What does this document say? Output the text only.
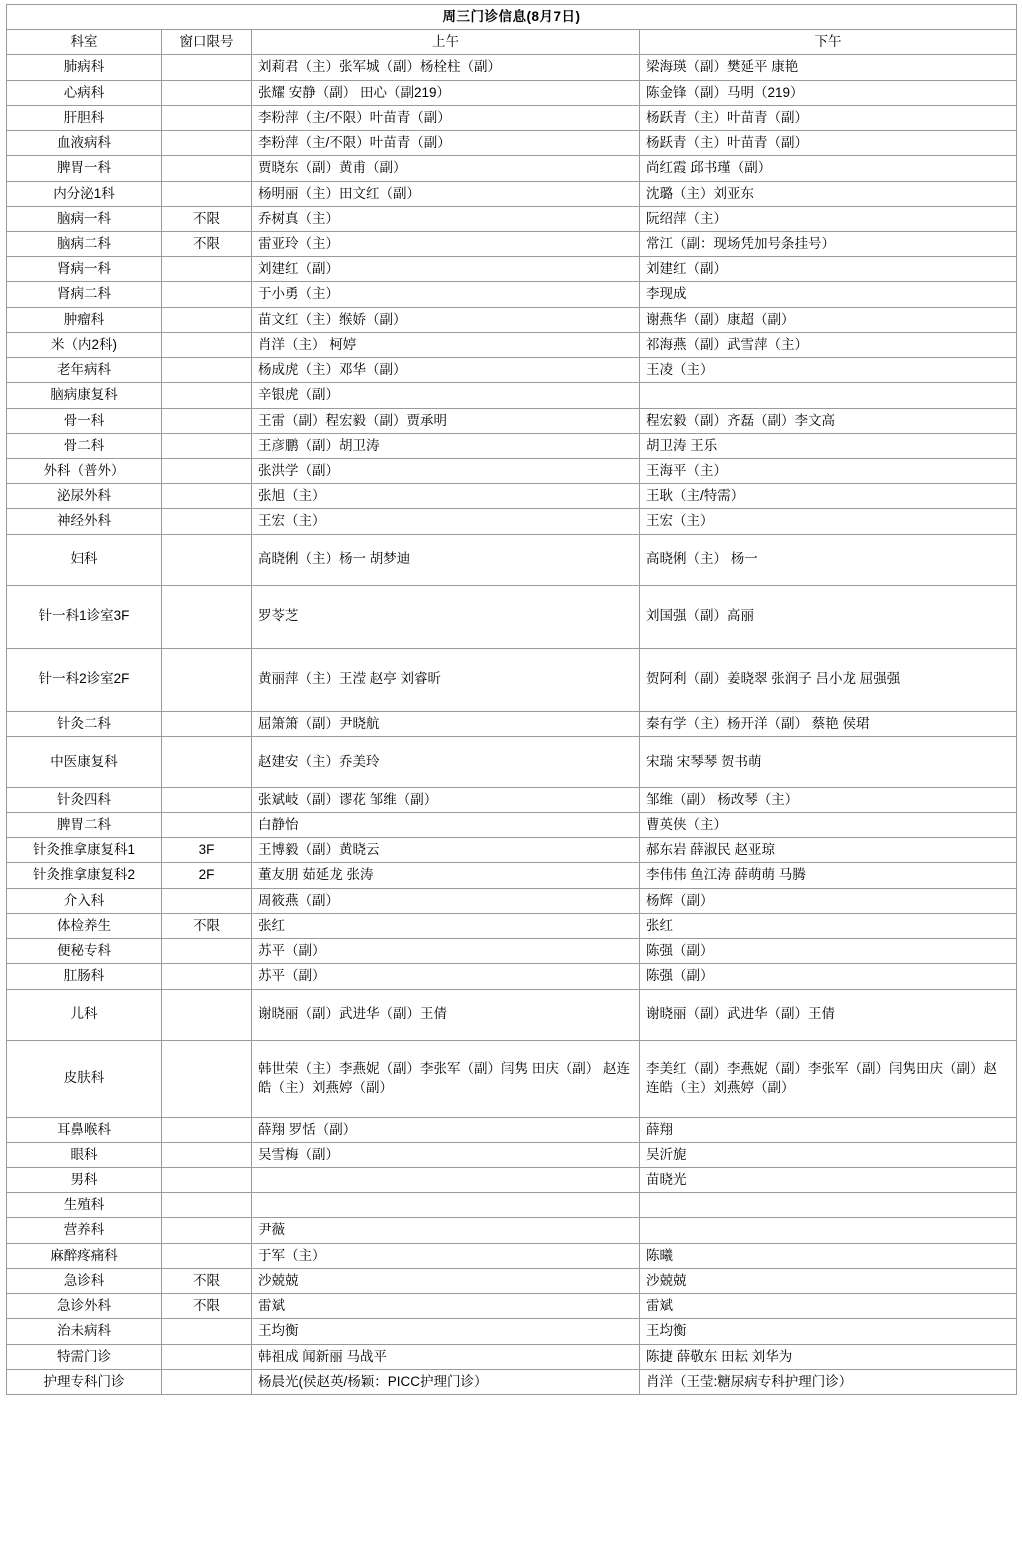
周三门诊信息(8月7日)			
科室	窗口限号	上午	下午
肺病科		刘莉君（主）张军城（副）杨栓柱（副）	梁海瑛（副）樊延平 康艳
心病科		张耀 安静（副） 田心（副219）	陈金锋（副）马明（219）
肝胆科		李粉萍（主/不限）叶苗青（副）	杨跃青（主）叶苗青（副）
血液病科		李粉萍（主/不限）叶苗青（副）	杨跃青（主）叶苗青（副）
脾胃一科		贾晓东（副）黄甫（副）	尚红霞 邱书瑾（副）
内分泌1科		杨明丽（主）田文红（副）	沈璐（主）刘亚东
脑病一科	不限	乔树真（主）	阮绍萍（主）
脑病二科	不限	雷亚玲（主）	常江（副：现场凭加号条挂号）
肾病一科		刘建红（副）	刘建红（副）
肾病二科		于小勇（主）	李现成
肿瘤科		苗文红（主）缑娇（副）	谢燕华（副）康超（副）
米（内2科)		肖洋（主） 柯婷	祁海燕（副）武雪萍（主）
老年病科		杨成虎（主）邓华（副）	王凌（主）
脑病康复科		辛银虎（副）	
骨一科		王雷（副）程宏毅（副）贾承明	程宏毅（副）齐磊（副）李文高
骨二科		王彦鹏（副）胡卫涛	胡卫涛 王乐
外科（普外）		张洪学（副）	王海平（主）
泌尿外科		张旭（主）	王耿（主/特需）
神经外科		王宏（主）	王宏（主）
妇科		高晓俐（主）杨一 胡梦迪	高晓俐（主） 杨一
针一科1诊室3F		罗苓芝	刘国强（副）高丽
针一科2诊室2F		黄丽萍（主）王滢 赵亭 刘睿昕	贺阿利（副）姜晓翠 张润子 吕小龙 屈强强
针灸二科		屈箫箫（副）尹晓航	秦有学（主）杨开洋（副） 蔡艳 侯珺
中医康复科		赵建安（主）乔美玲	宋瑞 宋琴琴 贺书萌
针灸四科		张斌岐（副）谬花 邹维（副）	邹维（副） 杨改琴（主）
脾胃二科		白静怡	曹英侠（主）
针灸推拿康复科1	3F	王博毅（副）黄晓云	郝东岩 薛淑民 赵亚琼
针灸推拿康复科2	2F	董友朋 茹延龙 张涛	李伟伟 鱼江涛 薛萌萌 马腾
介入科		周筱燕（副）	杨辉（副）
体检养生	不限	张红	张红
便秘专科		苏平（副）	陈强（副）
肛肠科		苏平（副）	陈强（副）
儿科		谢晓丽（副）武进华（副）王倩	谢晓丽（副）武进华（副）王倩
皮肤科		韩世荣（主）李燕妮（副）李张军（副）闫隽 田庆（副） 赵连皓（主）刘燕婷（副）	李美红（副）李燕妮（副）李张军（副）闫隽田庆（副）赵连皓（主）刘燕婷（副）
耳鼻喉科		薛翔 罗恬（副）	薛翔
眼科		吴雪梅（副）	吴沂旎
男科			苗晓光
生殖科			
营养科		尹薇	
麻醉疼痛科		于军（主）	陈曦
急诊科	不限	沙兢兢	沙兢兢
急诊外科	不限	雷斌	雷斌
治未病科		王均衡	王均衡
特需门诊		韩祖成 闻新丽 马战平	陈捷 薛敬东 田耘 刘华为
护理专科门诊		杨晨光(侯赵英/杨颖：PICC护理门诊）	肖洋（王莹:糖尿病专科护理门诊）
